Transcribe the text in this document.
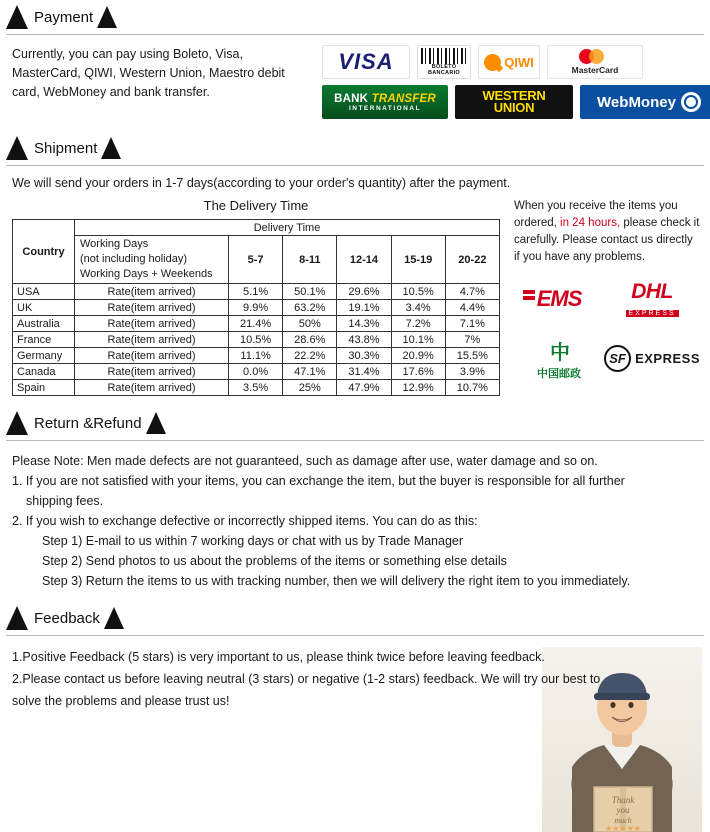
Payment
Currently, you can pay using Boleto, Visa, MasterCard, QIWI, Western Union, Maestro debit card, WebMoney and bank transfer.
VISA	BOLETO
BANCARIO
QIWI
MasterCard
BANK TRANSFER
INTERNATIONAL
WESTERN
UNION	WebMoney
Shipment
We will send your orders in 1-7 days(according to your order's quantity) after the payment.
The Delivery Time
Country	Delivery Time					

	Working Days
(not including holiday)
Working Days + Weekends	5-7	8-11	12-14	15-19	20-22
USA	Rate(item arrived)	5.1%	50.1%	29.6%	10.5%	4.7%
UK	Rate(item arrived)	9.9%	63.2%	19.1%	3.4%	4.4%
Australia	Rate(item arrived)	21.4%	50%	14.3%	7.2%	7.1%
France	Rate(item arrived)	10.5%	28.6%	43.8%	10.1%	7%
Germany	Rate(item arrived)	11.1%	22.2%	30.3%	20.9%	15.5%
Canada	Rate(item arrived)	0.0%	47.1%	31.4%	17.6%	3.9%
Spain	Rate(item arrived)	3.5%	25%	47.9%	12.9%	10.7%
When you receive the items you ordered, in 24 hours, please check it carefully. Please contact us directly if you have any problems.
EMS DHL
EXPRESS
中
中国邮政
SF EXPRESS
Return &Refund
Please Note: Men made defects are not guaranteed, such as damage after use, water damage and so on.
1. If you are not satisfied with your items, you can exchange the item, but the buyer is responsible for all further
shipping fees.
2. If you wish to exchange defective or incorrectly shipped items. You can do as this:
Step 1) E-mail to us within 7 working days or chat with us by Trade Manager
Step 2) Send photos to us about the problems of the items or something else details
Step 3) Return the items to us with tracking number, then we will delivery the right item to you immediately.
Feedback
Thank
you
much
★★★★★
1.Positive Feedback (5 stars) is very important to us, please think twice before leaving feedback.
2.Please contact us before leaving neutral (3 stars) or negative (1-2 stars) feedback. We will try our best to
solve the problems and please trust us!
